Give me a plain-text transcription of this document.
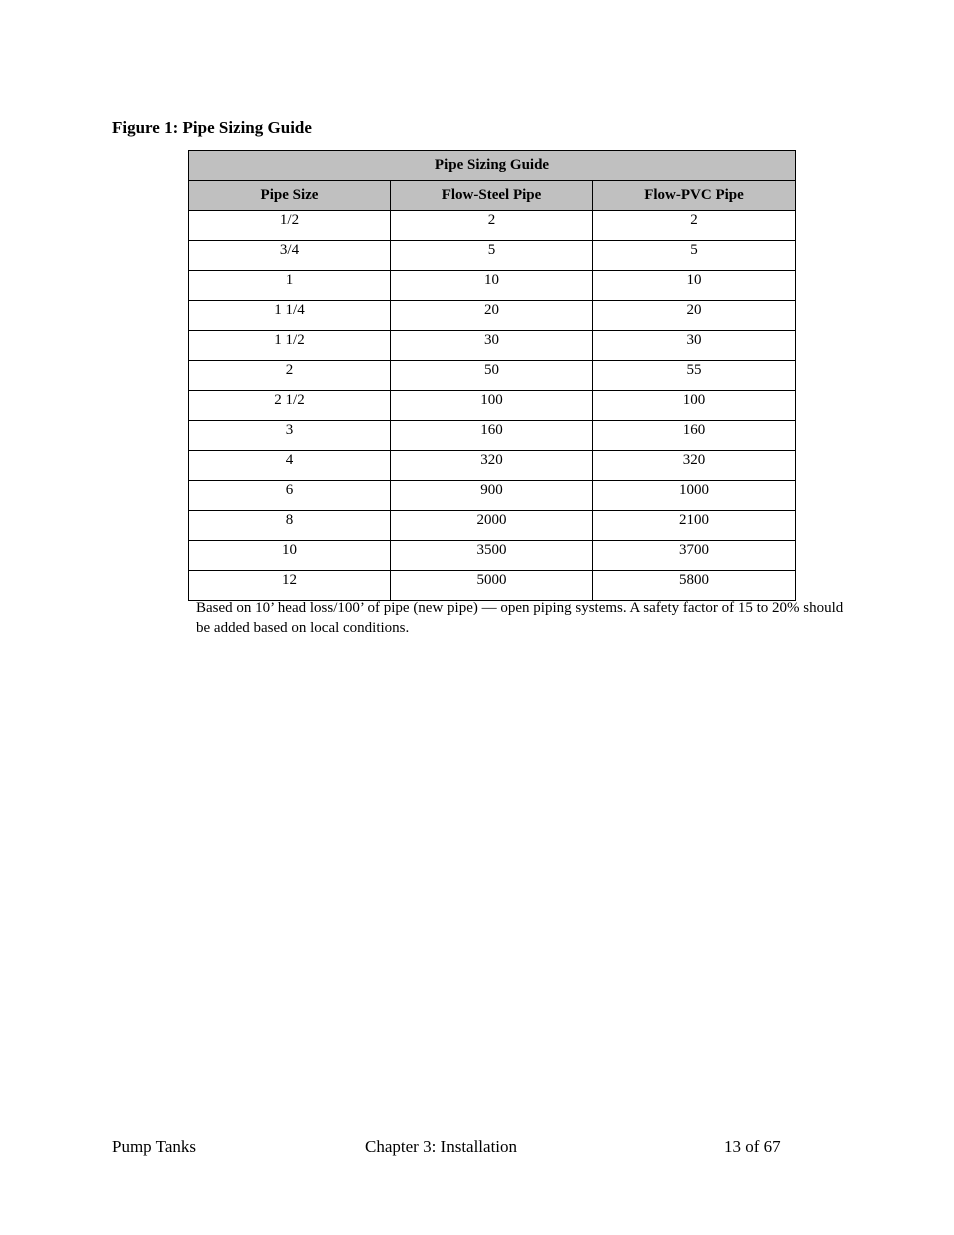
Figure 1: Pipe Sizing Guide
Pipe Sizing Guide		
Pipe Size	Flow-Steel Pipe	Flow-PVC Pipe
1/2	2	2
3/4	5	5
1	10	10
1 1/4	20	20
1 1/2	30	30
2	50	55
2 1/2	100	100
3	160	160
4	320	320
6	900	1000
8	2000	2100
10	3500	3700
12	5000	5800
Based on 10’ head loss/100’ of pipe (new pipe) — open piping systems. A safety factor of 15 to 20% should be added based on local conditions.
Pump Tanks	Chapter 3: Installation	13 of 67
